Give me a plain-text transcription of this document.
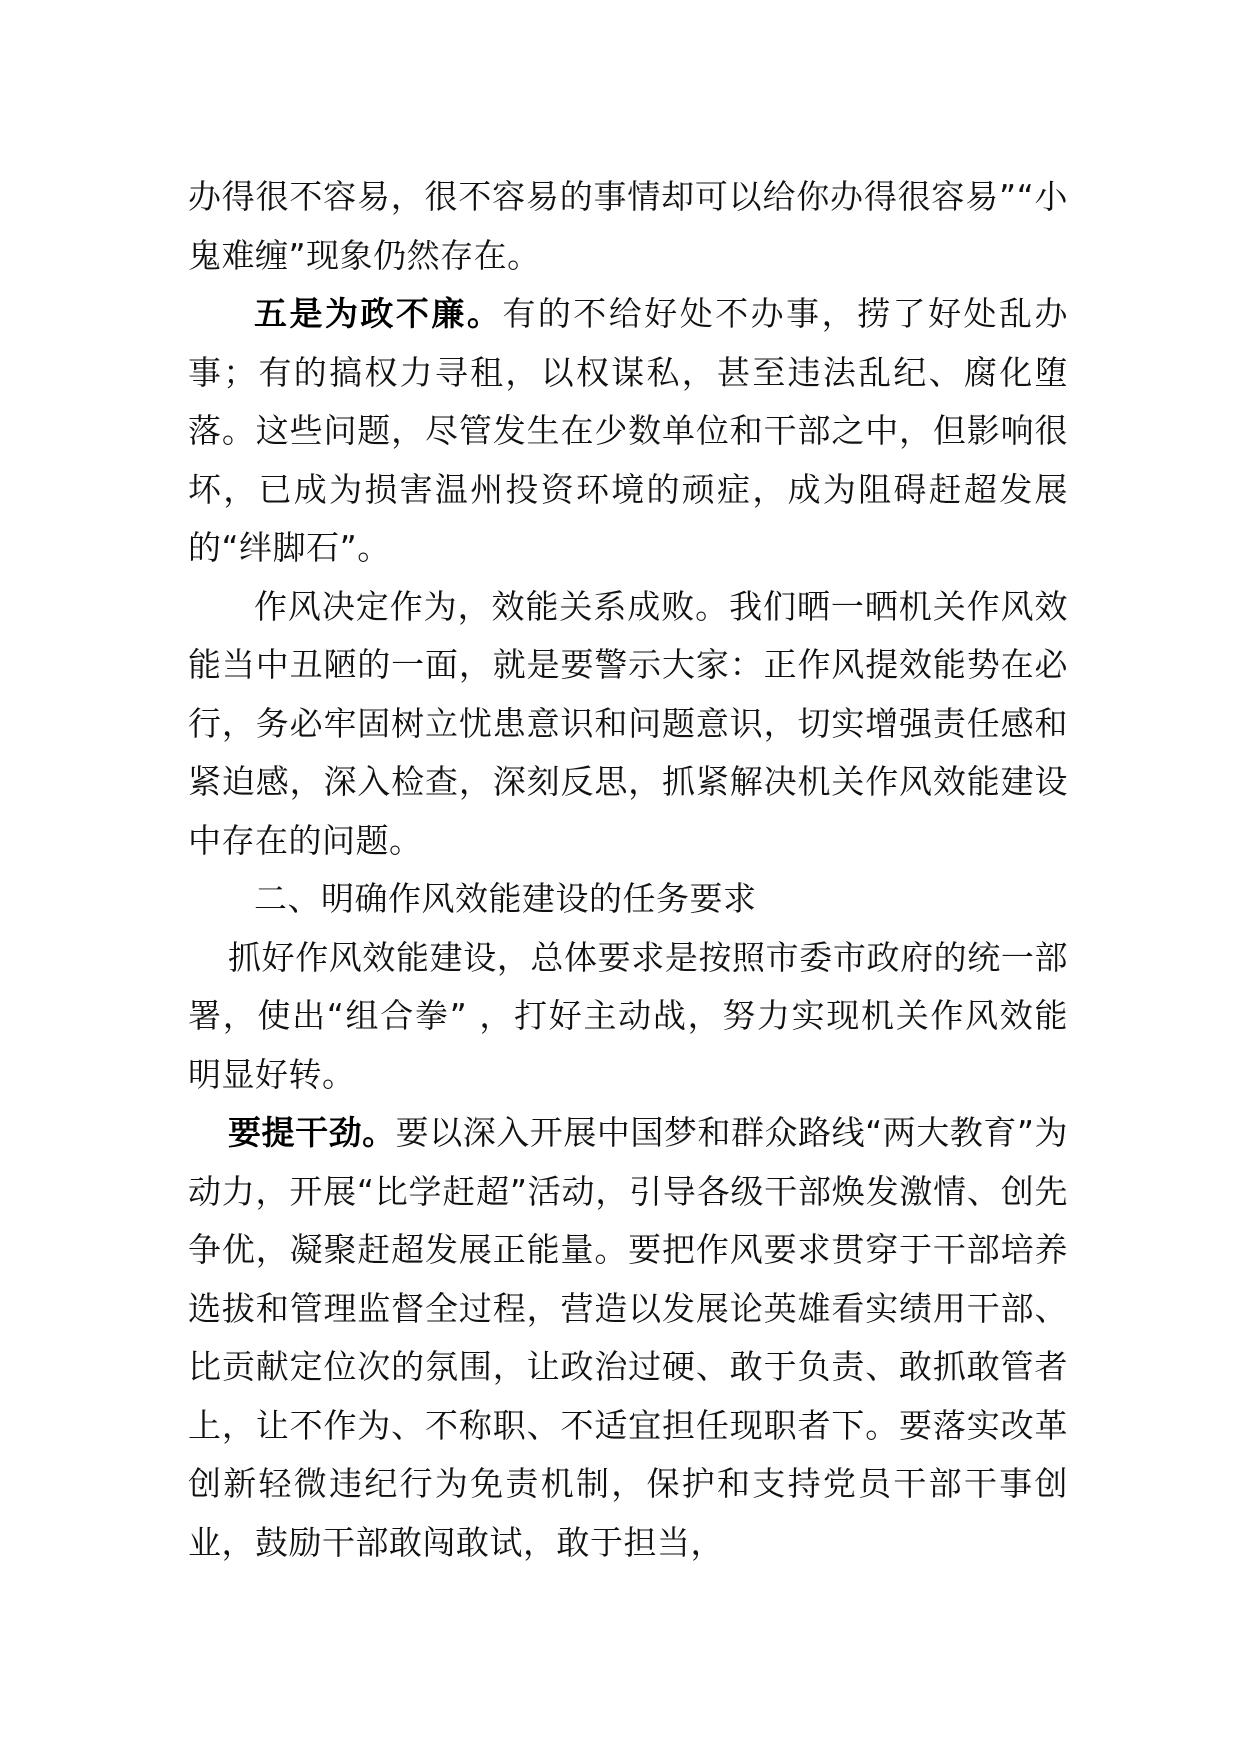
办得很不容易，很不容易的事情却可以给你办得很容易”“小鬼难缠”现象仍然存在。

五是为政不廉。有的不给好处不办事，捞了好处乱办事；有的搞权力寻租，以权谋私，甚至违法乱纪、腐化堕落。这些问题，尽管发生在少数单位和干部之中，但影响很坏，已成为损害温州投资环境的顽症，成为阻碍赶超发展的“绊脚石”。

作风决定作为，效能关系成败。我们晒一晒机关作风效能当中丑陋的一面，就是要警示大家：正作风提效能势在必行，务必牢固树立忧患意识和问题意识，切实增强责任感和紧迫感，深入检查，深刻反思，抓紧解决机关作风效能建设中存在的问题。

二、明确作风效能建设的任务要求

抓好作风效能建设，总体要求是按照市委市政府的统一部署，使出“组合拳” ，打好主动战，努力实现机关作风效能明显好转。

要提干劲。要以深入开展中国梦和群众路线“两大教育”为动力，开展“比学赶超”活动，引导各级干部焕发激情、创先争优，凝聚赶超发展正能量。要把作风要求贯穿于干部培养选拔和管理监督全过程，营造以发展论英雄看实绩用干部、比贡献定位次的氛围，让政治过硬、敢于负责、敢抓敢管者上，让不作为、不称职、不适宜担任现职者下。要落实改革创新轻微违纪行为免责机制，保护和支持党员干部干事创业，鼓励干部敢闯敢试，敢于担当，
